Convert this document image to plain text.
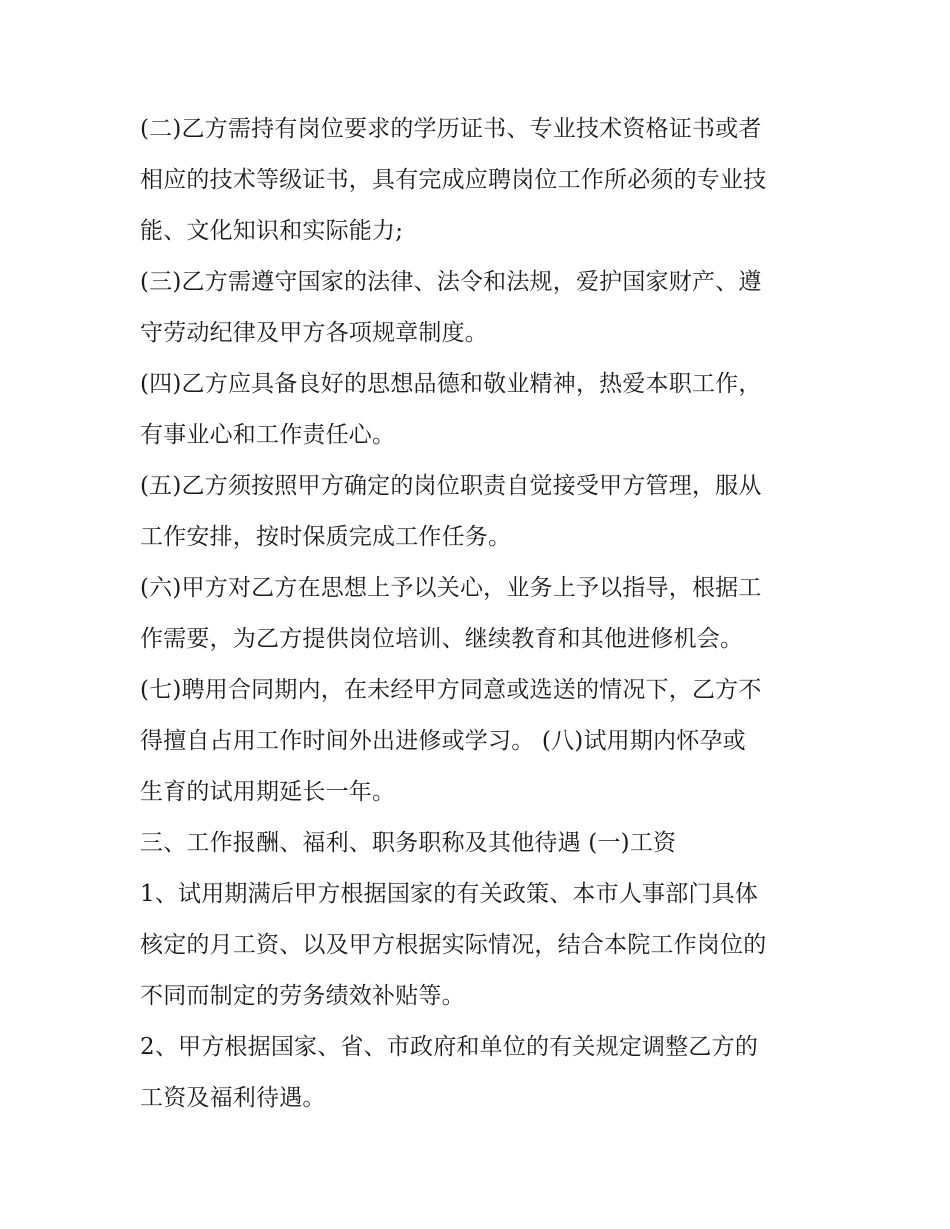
(二)乙方需持有岗位要求的学历证书、专业技术资格证书或者
相应的技术等级证书，具有完成应聘岗位工作所必须的专业技
能、文化知识和实际能力;
(三)乙方需遵守国家的法律、法令和法规，爱护国家财产、遵
守劳动纪律及甲方各项规章制度。
(四)乙方应具备良好的思想品德和敬业精神，热爱本职工作，
有事业心和工作责任心。
(五)乙方须按照甲方确定的岗位职责自觉接受甲方管理，服从
工作安排，按时保质完成工作任务。
(六)甲方对乙方在思想上予以关心，业务上予以指导，根据工
作需要，为乙方提供岗位培训、继续教育和其他进修机会。
(七)聘用合同期内，在未经甲方同意或选送的情况下，乙方不
得擅自占用工作时间外出进修或学习。 (八)试用期内怀孕或
生育的试用期延长一年。
三、工作报酬、福利、职务职称及其他待遇 (一)工资
1、试用期满后甲方根据国家的有关政策、本市人事部门具体
核定的月工资、以及甲方根据实际情况，结合本院工作岗位的
不同而制定的劳务绩效补贴等。
2、甲方根据国家、省、市政府和单位的有关规定调整乙方的
工资及福利待遇。
